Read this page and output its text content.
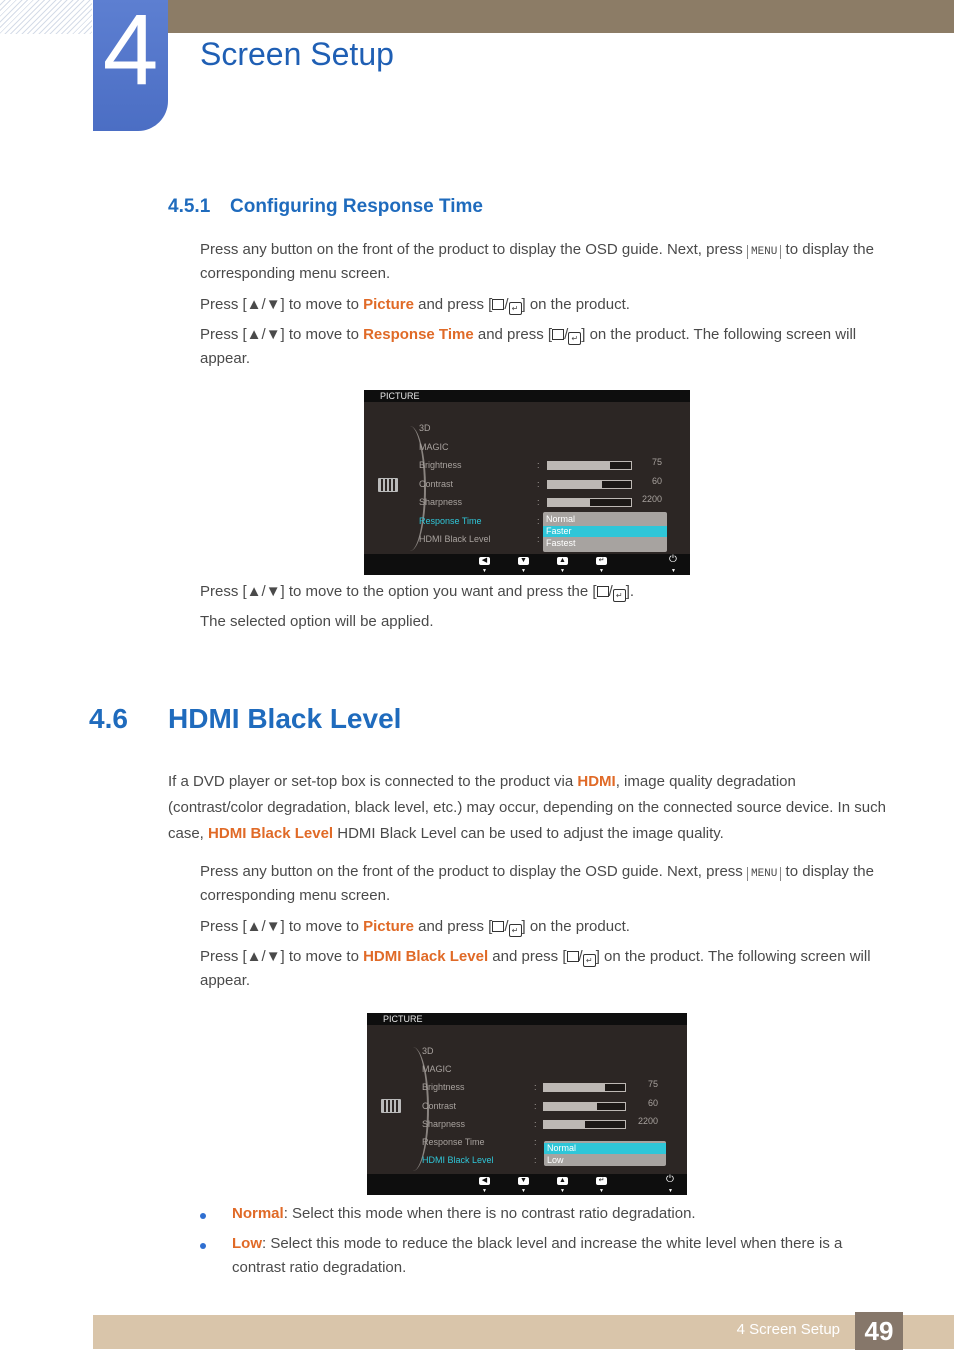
4	Screen Setup
4.5.1 Configuring Response Time

Press any button on the front of the product to display the OSD guide. Next, press MENU to display the corresponding menu screen.

Press [▲/▼] to move to Picture and press [ / ↵ ] on the product.

Press [▲/▼] to move to Response Time and press [ / ↵ ] on the product. The following screen will appear.

PICTURE
Normal
Faster
Fastest
◀
▼
▼
▼
▲
▼
↵
▼
⏻
▼
3D
MAGIC
Brightness	:
Contrast	:
Sharpness	:
Response Time	:
HDMI Black Level	:
75
60
2200

Press [▲/▼] to move to the option you want and press the [ / ↵ ].

The selected option will be applied.

4.6 HDMI Black Level

If a DVD player or set-top box is connected to the product via HDMI, image quality degradation (contrast/color degradation, black level, etc.) may occur, depending on the connected source device. In such case, HDMI Black Level HDMI Black Level can be used to adjust the image quality.

Press any button on the front of the product to display the OSD guide. Next, press MENU to display the corresponding menu screen.

Press [▲/▼] to move to Picture and press [ / ↵ ] on the product.

Press [▲/▼] to move to HDMI Black Level and press [ / ↵ ] on the product. The following screen will appear.

PICTURE
Normal
Low
◀
▼
▼
▼
▲
▼
↵
▼
⏻
▼
3D
MAGIC
Brightness	:
Contrast	:
Sharpness	:
Response Time	:
HDMI Black Level	:
75
60
2200

Normal: Select this mode when there is no contrast ratio degradation.

Low: Select this mode to reduce the black level and increase the white level when there is a contrast ratio degradation.

4 Screen Setup 49
